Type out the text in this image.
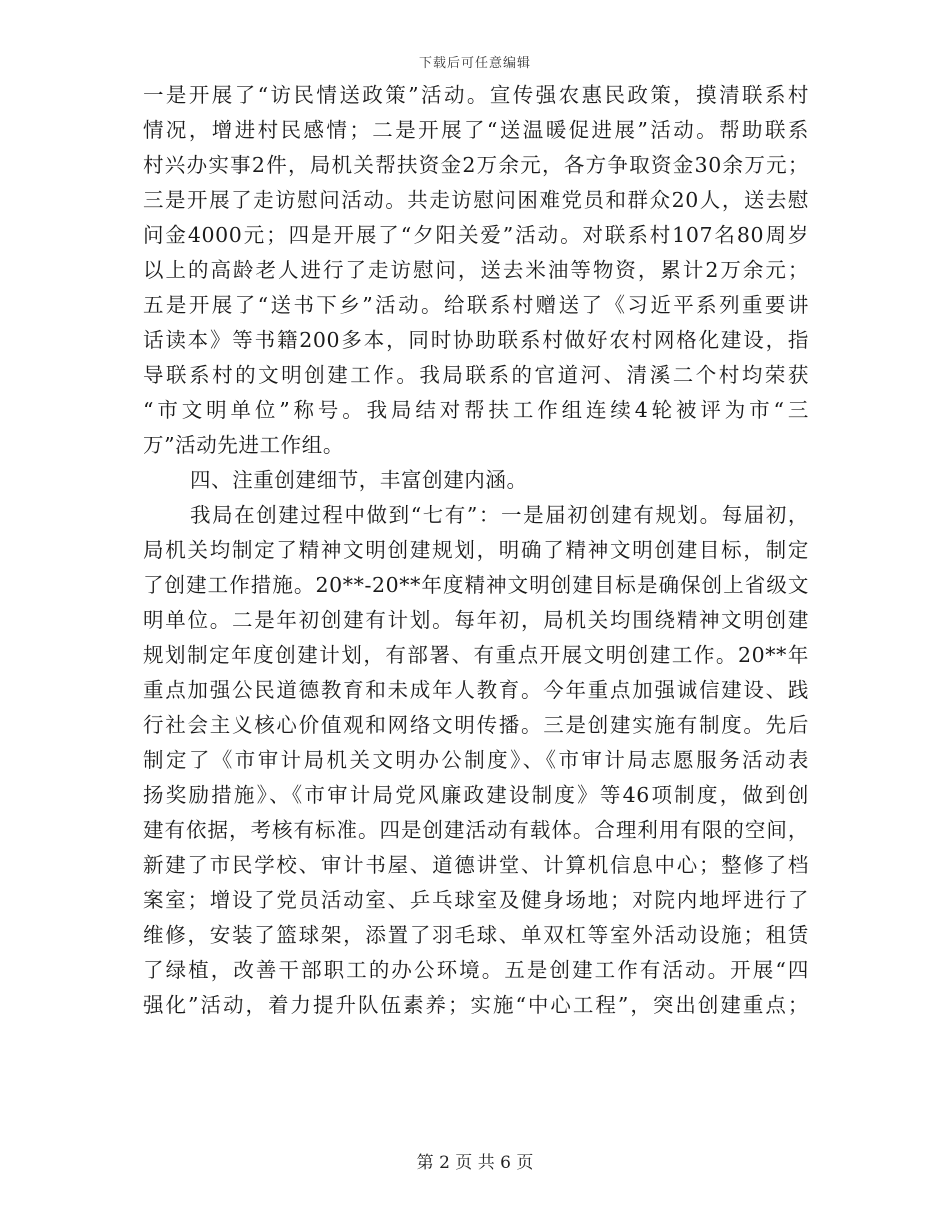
下载后可任意编辑
一是开展了“访民情送政策”活动。宣传强农惠民政策，摸清联系村
情况，增进村民感情；二是开展了“送温暖促进展”活动。帮助联系
村兴办实事2件，局机关帮扶资金2万余元，各方争取资金30余万元；
三是开展了走访慰问活动。共走访慰问困难党员和群众20人，送去慰
问金4000元；四是开展了“夕阳关爱”活动。对联系村107名80周岁
以上的高龄老人进行了走访慰问，送去米油等物资，累计2万余元；
五是开展了“送书下乡”活动。给联系村赠送了《习近平系列重要讲
话读本》等书籍200多本，同时协助联系村做好农村网格化建设，指
导联系村的文明创建工作。我局联系的官道河、清溪二个村均荣获
“市文明单位”称号。我局结对帮扶工作组连续4轮被评为市“三
万”活动先进工作组。
四、注重创建细节，丰富创建内涵。
我局在创建过程中做到“七有”：一是届初创建有规划。每届初，
局机关均制定了精神文明创建规划，明确了精神文明创建目标，制定
了创建工作措施。20**-20**年度精神文明创建目标是确保创上省级文
明单位。二是年初创建有计划。每年初，局机关均围绕精神文明创建
规划制定年度创建计划，有部署、有重点开展文明创建工作。20**年
重点加强公民道德教育和未成年人教育。今年重点加强诚信建设、践
行社会主义核心价值观和网络文明传播。三是创建实施有制度。先后
制定了《市审计局机关文明办公制度》、《市审计局志愿服务活动表
扬奖励措施》、《市审计局党风廉政建设制度》等46项制度，做到创
建有依据，考核有标准。四是创建活动有载体。合理利用有限的空间，
新建了市民学校、审计书屋、道德讲堂、计算机信息中心；整修了档
案室；增设了党员活动室、乒乓球室及健身场地；对院内地坪进行了
维修，安装了篮球架，添置了羽毛球、单双杠等室外活动设施；租赁
了绿植，改善干部职工的办公环境。五是创建工作有活动。开展“四
强化”活动，着力提升队伍素养；实施“中心工程”，突出创建重点；
第 2 页 共 6 页
